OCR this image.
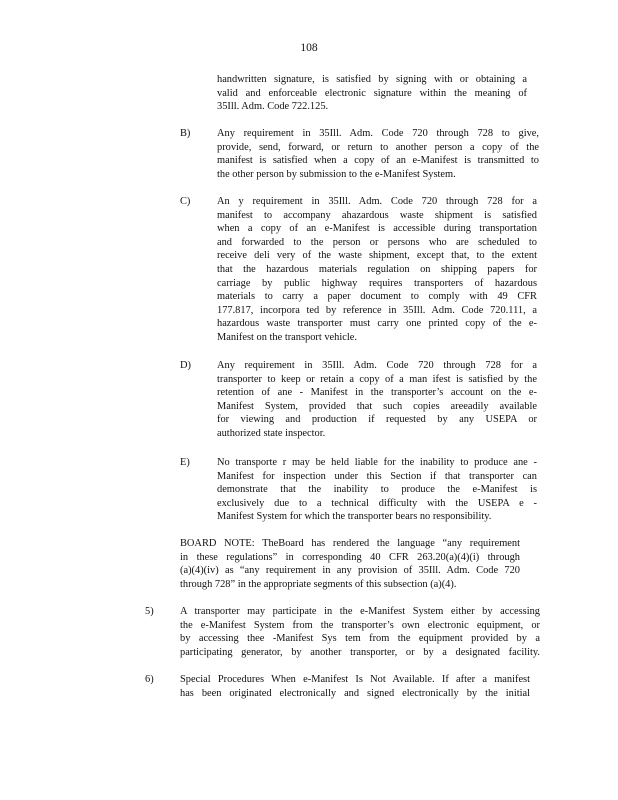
108
handwritten signature, is satisfied by signing with or obtaining a
valid and enforceable electronic signature within the meaning of
35Ill. Adm. Code 722.125.
B)	Any requirement in 35Ill. Adm. Code 720 through 728 to give,
provide, send, forward, or return to another person a copy of the
manifest is satisfied when a copy of an e-Manifest is transmitted to
the other person by submission to the e-Manifest System.
C)	An y requirement in 35Ill. Adm. Code 720 through 728 for a
manifest to accompany ahazardous waste shipment is satisfied
when a copy of an e-Manifest is accessible during transportation
and forwarded to the person or persons who are scheduled to
receive deli very of the waste shipment, except that, to the extent
that the hazardous materials regulation on shipping papers for
carriage by public highway requires transporters of hazardous
materials to carry a paper document to comply with 49 CFR
177.817, incorpora ted by reference in 35Ill. Adm. Code 720.111, a
hazardous waste transporter must carry one printed copy of the e-
Manifest on the transport vehicle.
D)	Any requirement in 35Ill. Adm. Code 720 through 728 for a
transporter to keep or retain a copy of a man ifest is satisfied by the
retention of ane - Manifest in the transporter’s account on the e-
Manifest System, provided that such copies areeadily available
for viewing and production if requested by any USEPA or
authorized state inspector.
E)	No transporte r may be held liable for the inability to produce ane -
Manifest for inspection under this Section if that transporter can
demonstrate that the inability to produce the e-Manifest is
exclusively due to a technical difficulty with the USEPA e -
Manifest System for which the transporter bears no responsibility.
BOARD NOTE: TheBoard has rendered the language “any requirement
in these regulations” in corresponding 40 CFR 263.20(a)(4)(i) through
(a)(4)(iv) as “any requirement in any provision of 35Ill. Adm. Code 720
through 728” in the appropriate segments of this subsection (a)(4).
5)	A transporter may participate in the e-Manifest System either by accessing
the e-Manifest System from the transporter’s own electronic equipment, or
by accessing thee -Manifest Sys tem from the equipment provided by a
participating generator, by another transporter, or by a designated facility.
6)	Special Procedures When e-Manifest Is Not Available. If after a manifest
has been originated electronically and signed electronically by the initial
